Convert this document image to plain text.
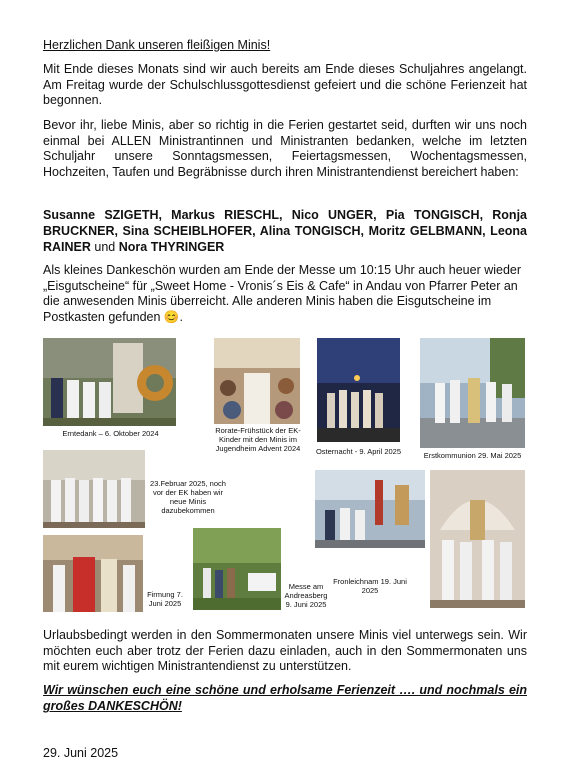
Herzlichen Dank unseren fleißigen Minis!

Mit Ende dieses Monats sind wir auch bereits am Ende dieses Schuljahres angelangt. Am Freitag wurde der Schulschlussgottesdienst gefeiert und die schöne Ferienzeit hat begonnen.

Bevor ihr, liebe Minis, aber so richtig in die Ferien gestartet seid, durften wir uns noch einmal bei ALLEN Ministrantinnen und Ministranten bedanken, welche im letzten Schuljahr unsere Sonntagsmessen, Feiertagsmessen, Wochentagsmessen, Hochzeiten, Taufen und Begräbnisse durch ihren Ministrantendienst bereichert haben:

Susanne SZIGETH, Markus RIESCHL, Nico UNGER, Pia TONGISCH, Ronja BRUCKNER, Sina SCHEIBLHOFER, Alina TONGISCH, Moritz GELBMANN, Leona RAINER und Nora THYRINGER

Als kleines Dankeschön wurden am Ende der Messe um 10:15 Uhr auch heuer wieder „Eisgutscheine“ für „Sweet Home - Vronis´s Eis & Cafe“ in Andau von Pfarrer Peter an die anwesenden Minis überreicht. Alle anderen Minis haben die Eisgutscheine im Postkasten gefunden 😊.

Erntedank – 6. Oktober 2024	Rorate-Frühstück der EK-Kinder mit den Minis im Jugendheim Advent 2024	Osternacht - 9. April 2025	Erstkommunion 29. Mai 2025
23.Februar 2025, noch vor der EK haben wir neue Minis dazubekommen
Firmung 7. Juni 2025
Messe am Andreasberg 9. Juni 2025
Fronleichnam 19. Juni 2025

Urlaubsbedingt werden in den Sommermonaten unsere Minis viel unterwegs sein. Wir möchten euch aber trotz der Ferien dazu einladen, auch in den Sommermonaten uns mit eurem wichtigen Ministrantendienst zu unterstützen.

Wir wünschen euch eine schöne und erholsame Ferienzeit …. und nochmals ein großes DANKESCHÖN!

29. Juni 2025
